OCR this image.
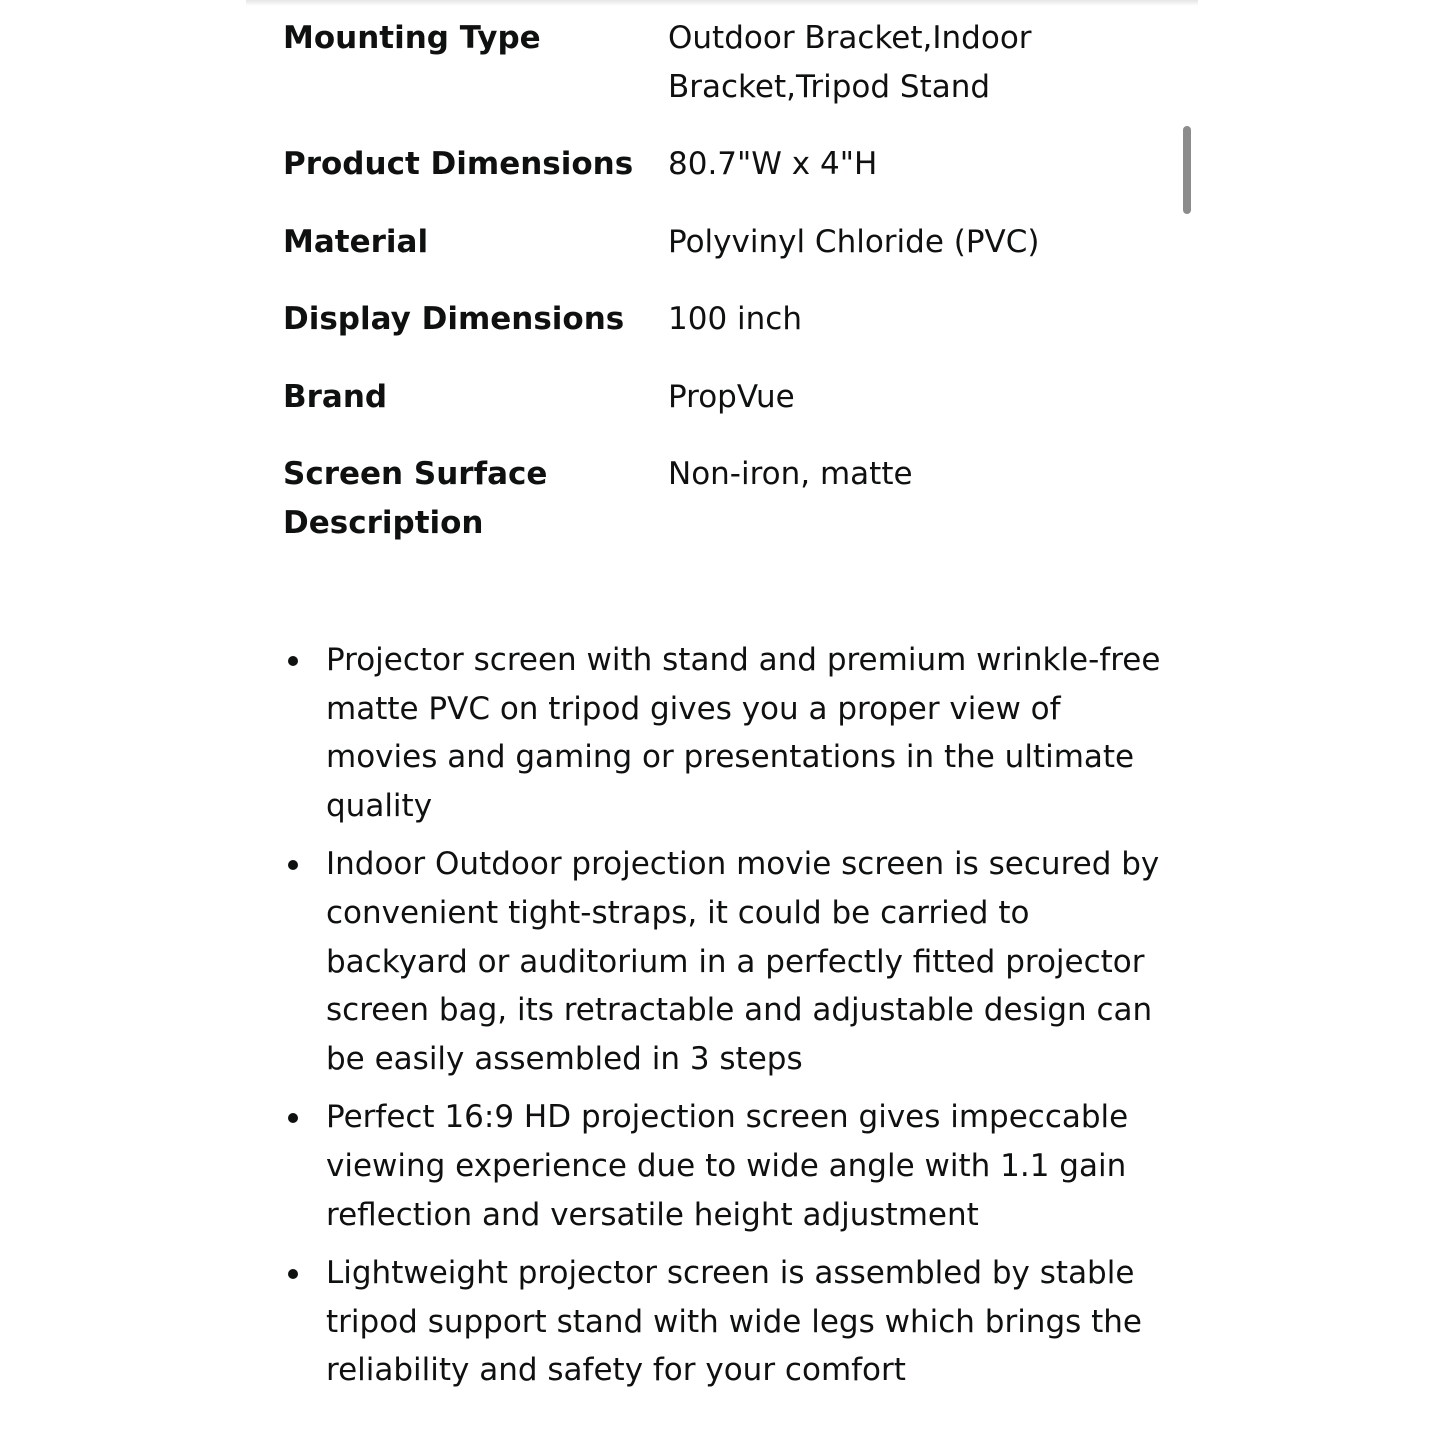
Mounting Type	Outdoor Bracket,Indoor Bracket,Tripod Stand
Product Dimensions	80.7"W x 4"H
Material	Polyvinyl Chloride (PVC)
Display Dimensions	100 inch
Brand	PropVue
Screen Surface Description	Non-iron, matte
Projector screen with stand and premium wrinkle-free matte PVC on tripod gives you a proper view of movies and gaming or presentations in the ultimate quality
Indoor Outdoor projection movie screen is secured by convenient tight-straps, it could be carried to backyard or auditorium in a perfectly fitted projector screen bag, its retractable and adjustable design can be easily assembled in 3 steps
Perfect 16:9 HD projection screen gives impeccable viewing experience due to wide angle with 1.1 gain reflection and versatile height adjustment
Lightweight projector screen is assembled by stable tripod support stand with wide legs which brings the reliability and safety for your comfort
